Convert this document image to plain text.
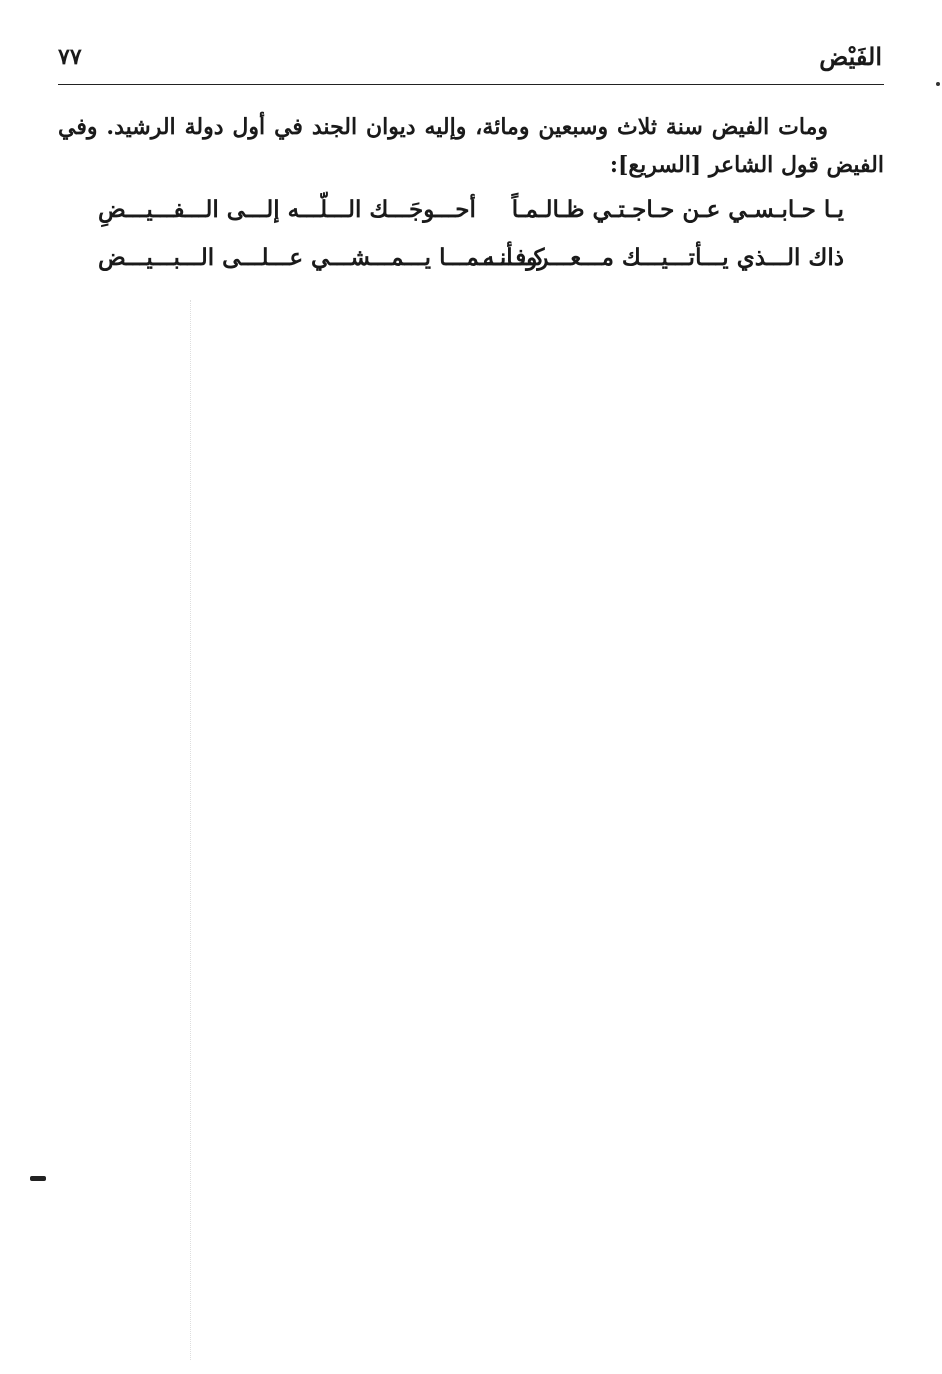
٧٧	الفَيْض
ومات الفيض سنة ثلاث وسبعين ومائة، وإليه ديوان الجند في أول دولة الرشيد. وفي الفيض قول الشاعر [السريع]:
يـا حـابـسـي عـن حـاجـتـي ظـالـمـاً
أحـــوجَـــك الـــلّـــه إلـــى الـــفـــيـــضِ
ذاك الـــذي يـــأتـــيـــك مـــعـــروفـــه
كـــأنـــمـــا يـــمـــشـــي عـــلـــى الـــبـــيـــض
